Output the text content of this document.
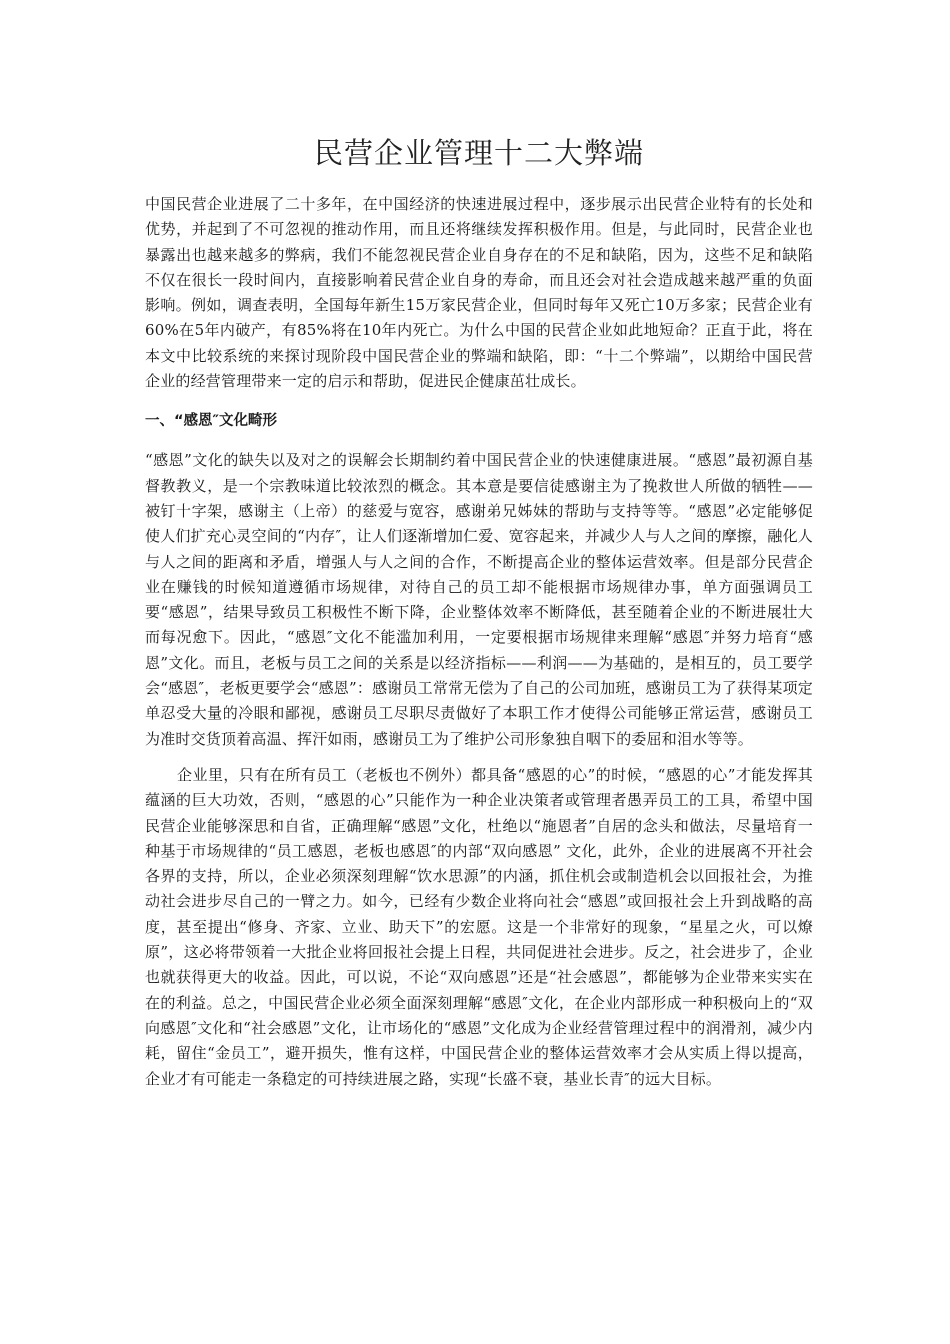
民营企业管理十二大弊端

中国民营企业进展了二十多年，在中国经济的快速进展过程中，逐步展示出民营企业特有的长处和优势，并起到了不可忽视的推动作用，而且还将继续发挥积极作用。但是，与此同时，民营企业也暴露出也越来越多的弊病，我们不能忽视民营企业自身存在的不足和缺陷，因为，这些不足和缺陷不仅在很长一段时间内，直接影响着民营企业自身的寿命，而且还会对社会造成越来越严重的负面影响。例如，调查表明，全国每年新生15万家民营企业，但同时每年又死亡10万多家；民营企业有60%在5年内破产，有85%将在10年内死亡。为什么中国的民营企业如此地短命？正直于此，将在本文中比较系统的来探讨现阶段中国民营企业的弊端和缺陷，即：“十二个弊端”，以期给中国民营企业的经营管理带来一定的启示和帮助，促进民企健康茁壮成长。

一、“感恩″文化畸形

“感恩”文化的缺失以及对之的误解会长期制约着中国民营企业的快速健康进展。“感恩”最初源自基督教教义，是一个宗教味道比较浓烈的概念。其本意是要信徒感谢主为了挽救世人所做的牺牲——被钉十字架，感谢主（上帝）的慈爱与宽容，感谢弟兄姊妹的帮助与支持等等。“感恩”必定能够促使人们扩充心灵空间的“内存″，让人们逐渐增加仁爱、宽容起来，并减少人与人之间的摩擦，融化人与人之间的距离和矛盾，增强人与人之间的合作，不断提高企业的整体运营效率。但是部分民营企业在赚钱的时候知道遵循市场规律，对待自己的员工却不能根据市场规律办事，单方面强调员工要“感恩”，结果导致员工积极性不断下降，企业整体效率不断降低，甚至随着企业的不断进展壮大而每况愈下。因此，“感恩″文化不能滥加利用，一定要根据市场规律来理解“感恩″并努力培育“感恩”文化。而且，老板与员工之间的关系是以经济指标——利润——为基础的，是相互的，员工要学会“感恩″，老板更要学会“感恩”：感谢员工常常无偿为了自己的公司加班，感谢员工为了获得某项定单忍受大量的冷眼和鄙视，感谢员工尽职尽责做好了本职工作才使得公司能够正常运营，感谢员工为准时交货顶着高温、挥汗如雨，感谢员工为了维护公司形象独自咽下的委屈和泪水等等。

企业里，只有在所有员工（老板也不例外）都具备“感恩的心”的时候，“感恩的心”才能发挥其蕴涵的巨大功效，否则，“感恩的心”只能作为一种企业决策者或管理者愚弄员工的工具，希望中国民营企业能够深思和自省，正确理解“感恩”文化，杜绝以“施恩者”自居的念头和做法，尽量培育一种基于市场规律的“员工感恩，老板也感恩″的内部“双向感恩” 文化，此外，企业的进展离不开社会各界的支持，所以，企业必须深刻理解“饮水思源”的内涵，抓住机会或制造机会以回报社会，为推动社会进步尽自己的一臂之力。如今，已经有少数企业将向社会“感恩”或回报社会上升到战略的高度，甚至提出“修身、齐家、立业、助天下”的宏愿。这是一个非常好的现象，“星星之火，可以燎原”，这必将带领着一大批企业将回报社会提上日程，共同促进社会进步。反之，社会进步了，企业也就获得更大的收益。因此，可以说，不论“双向感恩”还是“社会感恩”，都能够为企业带来实实在在的利益。总之，中国民营企业必须全面深刻理解“感恩″文化，在企业内部形成一种积极向上的“双向感恩″文化和“社会感恩”文化，让市场化的“感恩”文化成为企业经营管理过程中的润滑剂，减少内耗，留住“金员工”，避开损失，惟有这样，中国民营企业的整体运营效率才会从实质上得以提高，企业才有可能走一条稳定的可持续进展之路，实现“长盛不衰，基业长青″的远大目标。
